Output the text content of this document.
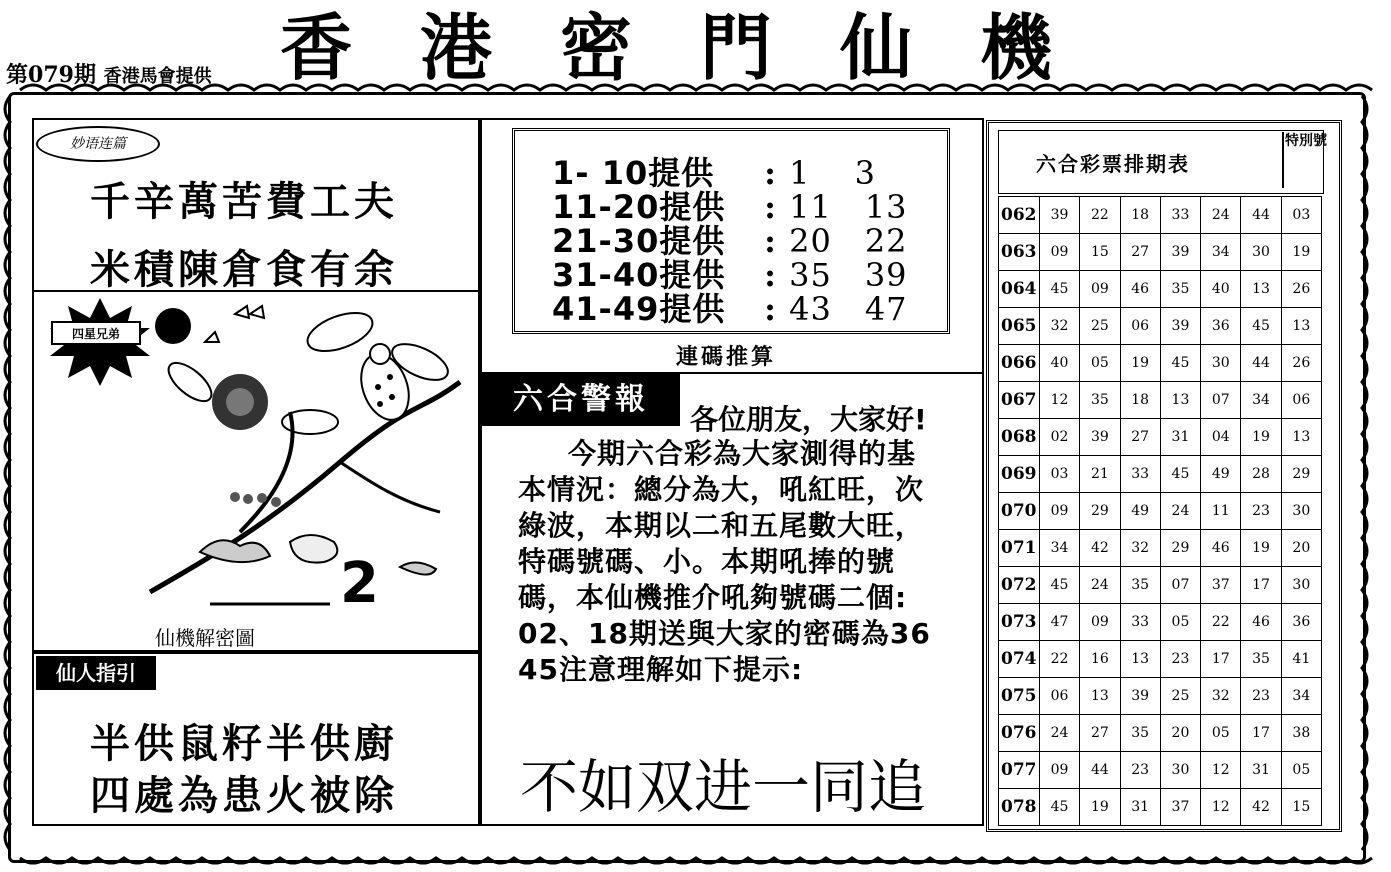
香港密門仙機
第079期 香港馬會提供
妙语连篇
千辛萬苦費工夫
米積陳倉食有余
四星兄弟
2
仙機解密圖
仙人指引
半供鼠籽半供廚
四處為患火被除
1- 10提供 : 1　 3
11-20提供 : 11　13
21-30提供 : 20　22
31-40提供 : 35　39
41-49提供 : 43　47
連碼推算
六合警報
各位朋友，大家好!
今期六合彩為大家測得的基
本情況：總分為大，吼紅旺，次
綠波，本期以二和五尾數大旺，
特碼號碼、小。本期吼捧的號
碼，本仙機推介吼夠號碼二個:
02、18期送與大家的密碼為36
45注意理解如下提示:
不如双进一同追
六合彩票排期表
特別號
062	39	22	18	33	24	44	03
063	09	15	27	39	34	30	19
064	45	09	46	35	40	13	26
065	32	25	06	39	36	45	13
066	40	05	19	45	30	44	26
067	12	35	18	13	07	34	06
068	02	39	27	31	04	19	13
069	03	21	33	45	49	28	29
070	09	29	49	24	11	23	30
071	34	42	32	29	46	19	20
072	45	24	35	07	37	17	30
073	47	09	33	05	22	46	36
074	22	16	13	23	17	35	41
075	06	13	39	25	32	23	34
076	24	27	35	20	05	17	38
077	09	44	23	30	12	31	05
078	45	19	31	37	12	42	15
